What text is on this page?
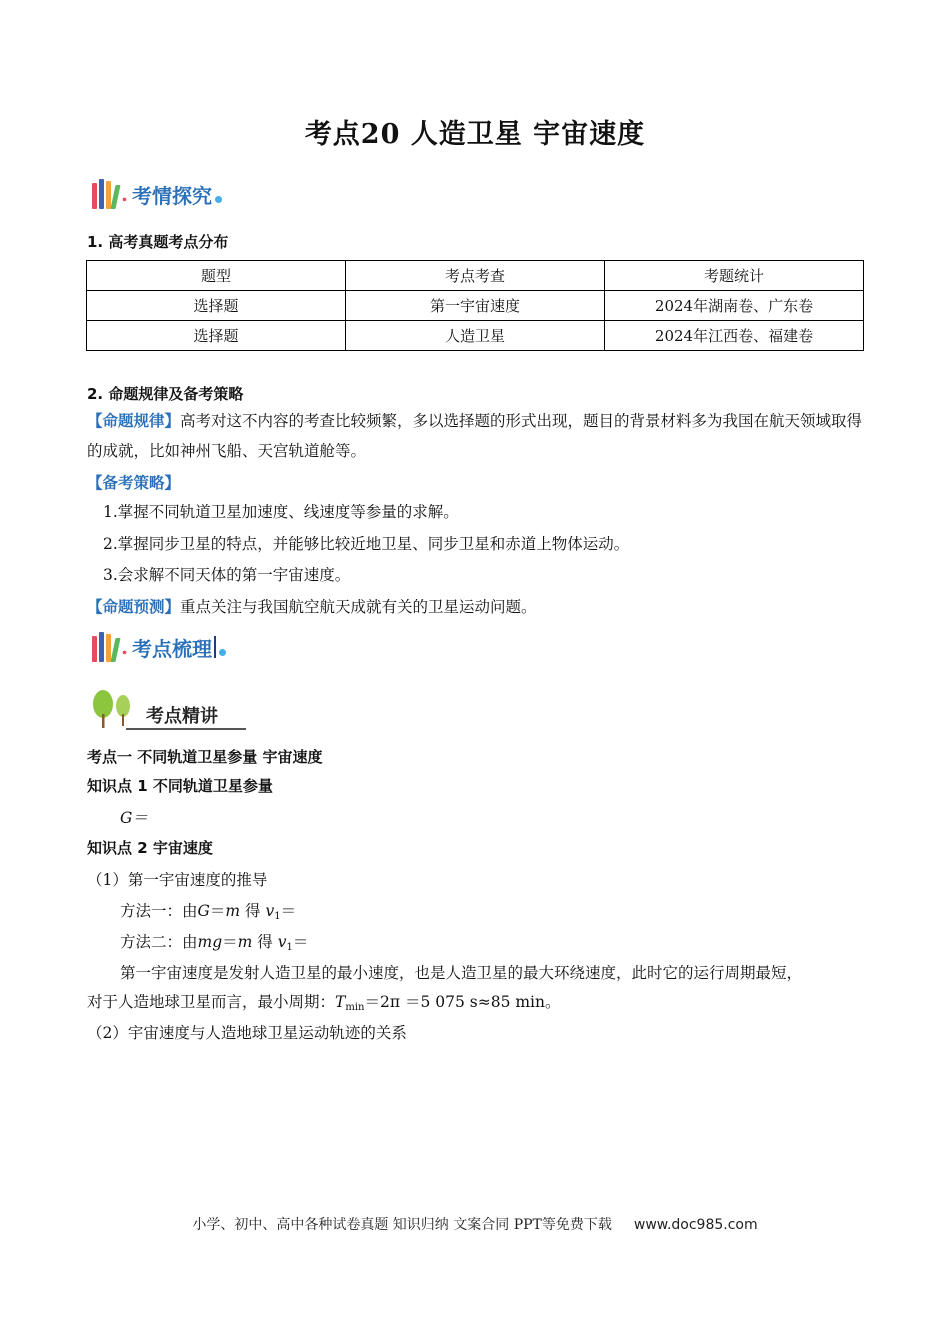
考点20 人造卫星 宇宙速度
. 考情探究
1. 高考真题考点分布
题型	考点考查	考题统计
选择题	第一宇宙速度	2024年湖南卷、广东卷
选择题	人造卫星	2024年江西卷、福建卷
2. 命题规律及备考策略
【命题规律】高考对这不内容的考查比较频繁，多以选择题的形式出现，题目的背景材料多为我国在航天领域取得的成就，比如神州飞船、天宫轨道舱等。
【备考策略】
1.掌握不同轨道卫星加速度、线速度等参量的求解。
2.掌握同步卫星的特点，并能够比较近地卫星、同步卫星和赤道上物体运动。
3.会求解不同天体的第一宇宙速度。
【命题预测】重点关注与我国航空航天成就有关的卫星运动问题。
. 考点梳理
考点精讲
考点一 不同轨道卫星参量 宇宙速度
知识点 1 不同轨道卫星参量
G＝
知识点 2 宇宙速度
（1）第一宇宙速度的推导
方法一：由G＝m 得 $v_1=$
方法二：由mg＝m 得 $v_1=$
第一宇宙速度是发射人造卫星的最小速度，也是人造卫星的最大环绕速度，此时它的运行周期最短，
对于人造地球卫星而言，最小周期：$T_{min}=2\pi =5$ 075 s≈85 min。
（2）宇宙速度与人造地球卫星运动轨迹的关系
小学、初中、高中各种试卷真题 知识归纳 文案合同 PPT等免费下载 www.doc985.com
